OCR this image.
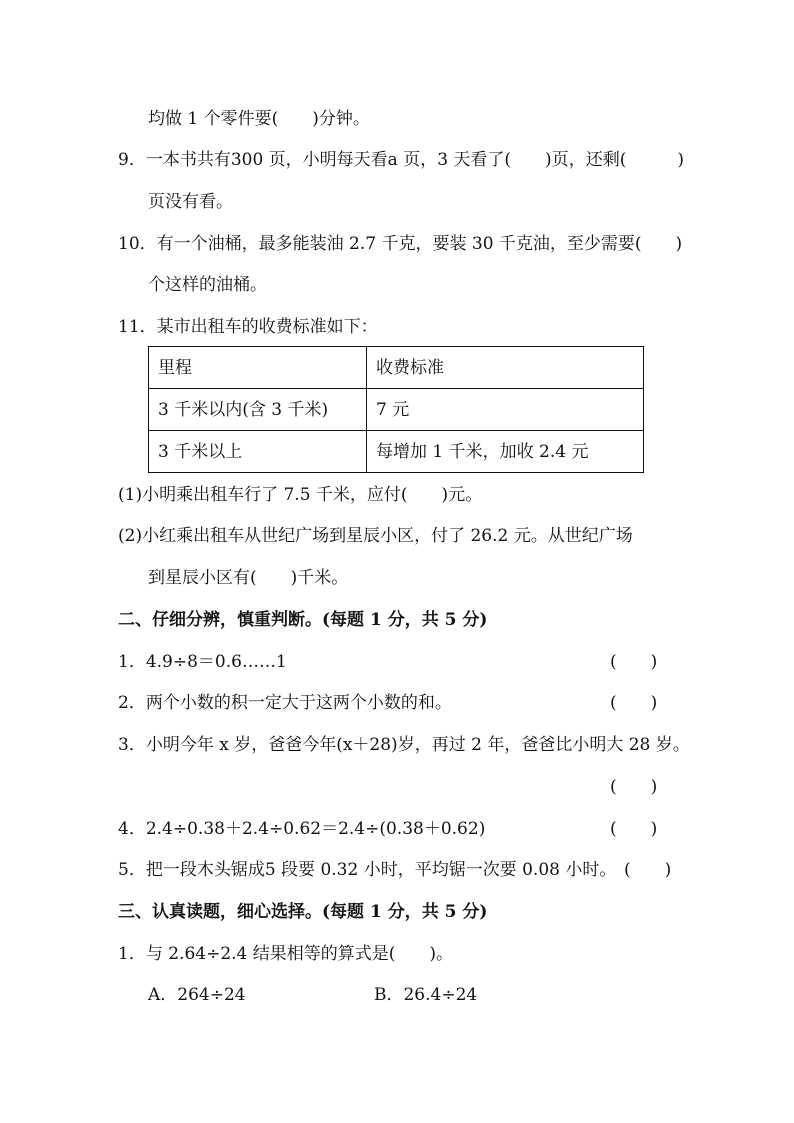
均做 1 个零件要(　　)分钟。
9．一本书共有300 页，小明每天看a 页，3 天看了(　　)页，还剩(　　　)
页没有看。
10．有一个油桶，最多能装油 2.7 千克，要装 30 千克油，至少需要(　　)
个这样的油桶。
11．某市出租车的收费标准如下：
里程	收费标准
3 千米以内(含 3 千米)	7 元
3 千米以上	每增加 1 千米，加收 2.4 元
(1)小明乘出租车行了 7.5 千米，应付(　　)元。
(2)小红乘出租车从世纪广场到星辰小区，付了 26.2 元。从世纪广场
到星辰小区有(　　)千米。
二、仔细分辨，慎重判断。(每题 1 分，共 5 分)
1．4.9÷8＝0.6……1	(　　)
2．两个小数的积一定大于这两个小数的和。	(　　)
3．小明今年 x 岁，爸爸今年(x＋28)岁，再过 2 年，爸爸比小明大 28 岁。
(　　)
4．2.4÷0.38＋2.4÷0.62＝2.4÷(0.38＋0.62)	(　　)
5．把一段木头锯成5 段要 0.32 小时，平均锯一次要 0.08 小时。 (　　)
三、认真读题，细心选择。(每题 1 分，共 5 分)
1．与 2.64÷2.4 结果相等的算式是(　　)。
A．264÷24	B．26.4÷24
